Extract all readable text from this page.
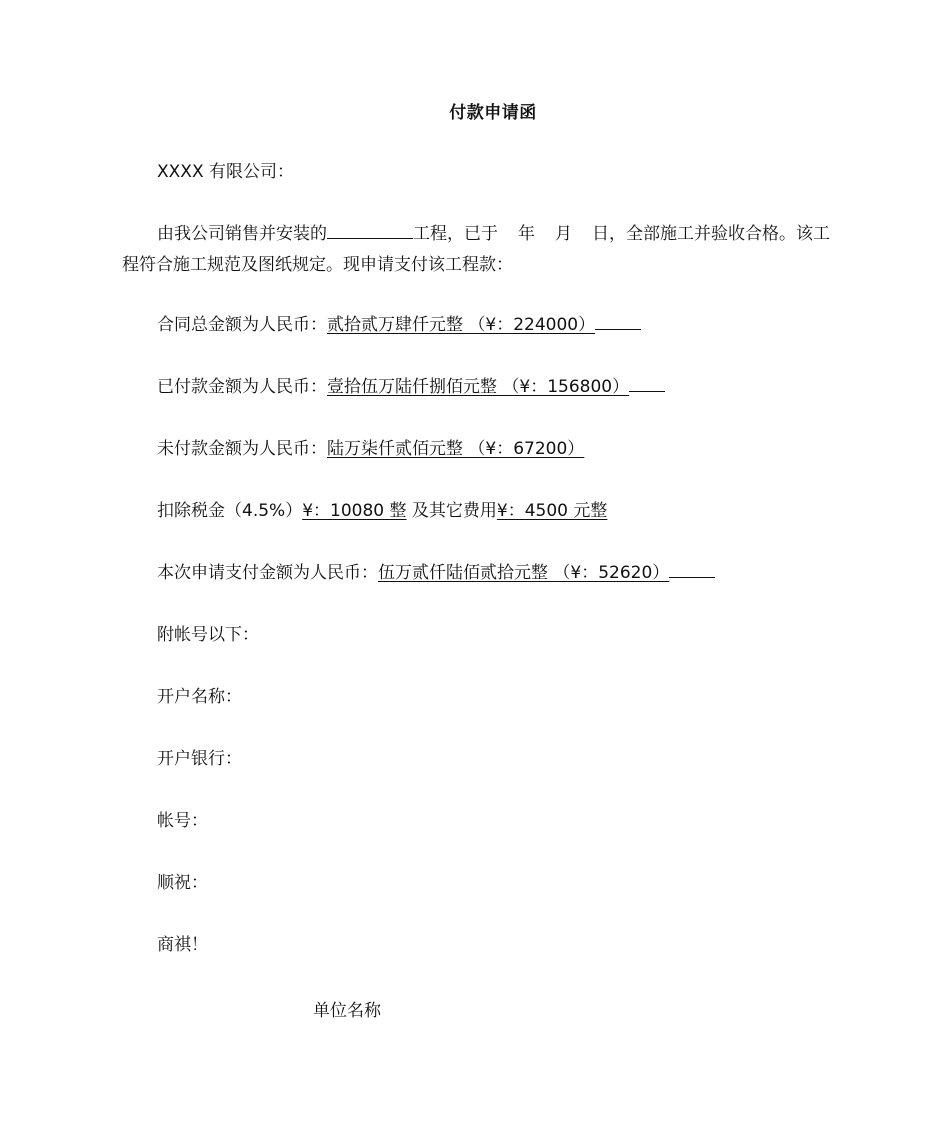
付款申请函
XXXX 有限公司：
由我公司销售并安装的	工程，已于 年 月 日，全部施工并验收合格。该工程符合施工规范及图纸规定。现申请支付该工程款：
合同总金额为人民币：贰拾贰万肆仟元整 （¥：224000）
已付款金额为人民币：壹拾伍万陆仟捌佰元整 （¥：156800）
未付款金额为人民币：陆万柒仟贰佰元整 （¥：67200）
扣除税金（4.5%）¥：10080 整 及其它费用¥：4500 元整
本次申请支付金额为人民币：伍万贰仟陆佰贰拾元整 （¥：52620）
附帐号以下：
开户名称：
开户银行：
帐号：
顺祝：
商祺！
单位名称
